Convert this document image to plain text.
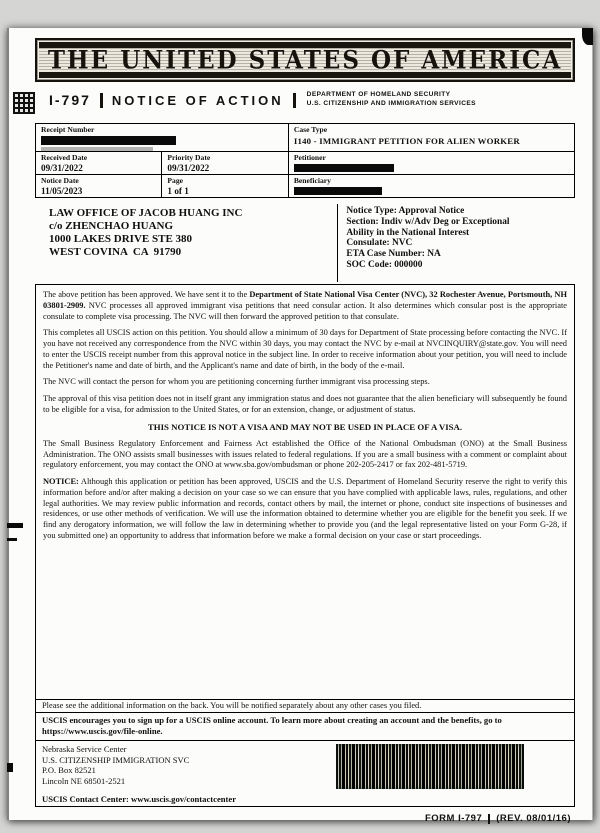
THE UNITED STATES OF AMERICA
I-797 NOTICE OF ACTION	DEPARTMENT OF HOMELAND SECURITY
U.S. CITIZENSHIP AND IMMIGRATION SERVICES
Receipt Number	Case Type
I140 - IMMIGRANT PETITION FOR ALIEN WORKER
Received Date
09/31/2022
Priority Date
09/31/2022
Petitioner
Notice Date
11/05/2023
Page
1 of 1
Beneficiary
LAW OFFICE OF JACOB HUANG INC
c/o ZHENCHAO HUANG
1000 LAKES DRIVE STE 380
WEST COVINA  CA  91790
Notice Type: Approval Notice
Section: Indiv w/Adv Deg or Exceptional
Ability in the National Interest
Consulate: NVC
ETA Case Number: NA
SOC Code: 000000

The above petition has been approved. We have sent it to the Department of State National Visa Center (NVC), 32 Rochester Avenue, Portsmouth, NH 03801-2909. NVC processes all approved immigrant visa petitions that need consular action. It also determines which consular post is the appropriate consulate to complete visa processing. The NVC will then forward the approved petition to that consulate.

This completes all USCIS action on this petition. You should allow a minimum of 30 days for Department of State processing before contacting the NVC. If you have not received any correspondence from the NVC within 30 days, you may contact the NVC by e-mail at NVCINQUIRY@state.gov. You will need to enter the USCIS receipt number from this approval notice in the subject line. In order to receive information about your petition, you will need to include the Petitioner's name and date of birth, and the Applicant's name and date of birth, in the body of the e-mail.

The NVC will contact the person for whom you are petitioning concerning further immigrant visa processing steps.

The approval of this visa petition does not in itself grant any immigration status and does not guarantee that the alien beneficiary will subsequently be found to be eligible for a visa, for admission to the United States, or for an extension, change, or adjustment of status.

THIS NOTICE IS NOT A VISA AND MAY NOT BE USED IN PLACE OF A VISA.

The Small Business Regulatory Enforcement and Fairness Act established the Office of the National Ombudsman (ONO) at the Small Business Administration. The ONO assists small businesses with issues related to federal regulations. If you are a small business with a comment or complaint about regulatory enforcement, you may contact the ONO at www.sba.gov/ombudsman or phone 202-205-2417 or fax 202-481-5719.

NOTICE: Although this application or petition has been approved, USCIS and the U.S. Department of Homeland Security reserve the right to verify this information before and/or after making a decision on your case so we can ensure that you have complied with applicable laws, rules, regulations, and other legal authorities. We may review public information and records, contact others by mail, the internet or phone, conduct site inspections of businesses and residences, or use other methods of verification. We will use the information obtained to determine whether you are eligible for the benefit you seek. If we find any derogatory information, we will follow the law in determining whether to provide you (and the legal representative listed on your Form G-28, if you submitted one) an opportunity to address that information before we make a formal decision on your case or start proceedings.

Please see the additional information on the back. You will be notified separately about any other cases you filed.
USCIS encourages you to sign up for a USCIS online account. To learn more about creating an account and the benefits, go to https://www.uscis.gov/file-online.
Nebraska Service Center
U.S. CITIZENSHIP IMMIGRATION SVC
P.O. Box 82521
Lincoln NE 68501-2521
USCIS Contact Center: www.uscis.gov/contactcenter
FORM I-797 (REV. 08/01/16)
